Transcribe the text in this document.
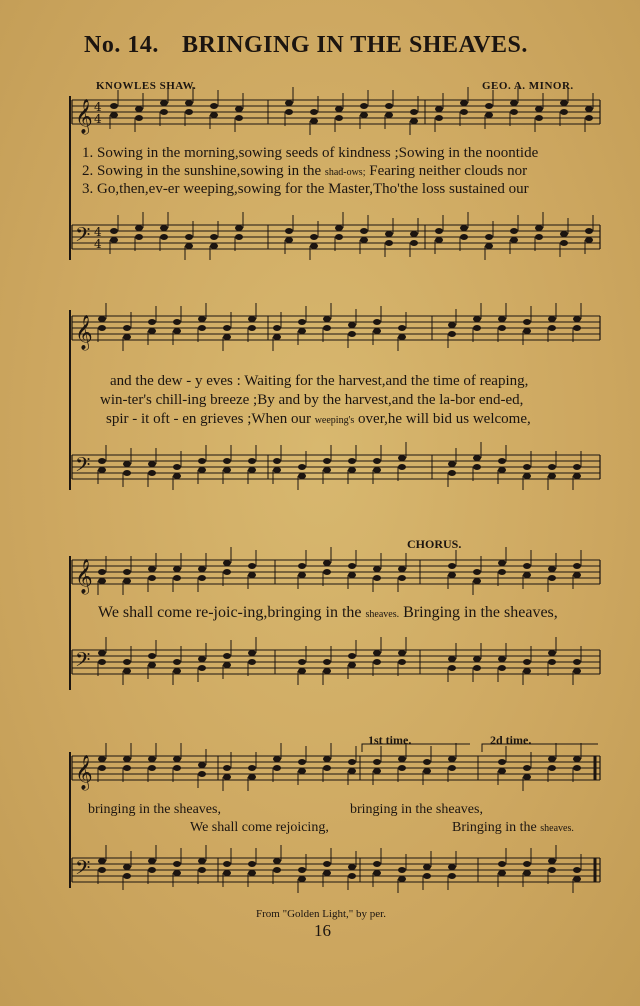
𝄞 4
4
𝄢 4
4
𝄞
𝄢
𝄞
𝄢
𝄞
𝄢
No. 14. BRINGING IN THE SHEAVES.
KNOWLES SHAW.	GEO. A. MINOR.
1. Sowing in the morning,sowing seeds of kindness ;Sowing in the noontide
2. Sowing in the sunshine,sowing in the shad-ows; Fearing neither clouds nor
3. Go,then,ev-er weeping,sowing for the Master,Tho'the loss sustained our
and the dew - y eves : Waiting for the harvest,and the time of reaping,
win-ter's chill-ing breeze ;By and by the harvest,and the la-bor end-ed,
spir - it oft - en grieves ;When our weeping's over,he will bid us welcome,
CHORUS.
We shall come re-joic-ing,bringing in the sheaves. Bringing in the sheaves,
1st time.	2d time.
bringing in the sheaves,	bringing in the sheaves,
We shall come rejoicing,	Bringing in the sheaves.
From "Golden Light," by per.
16
